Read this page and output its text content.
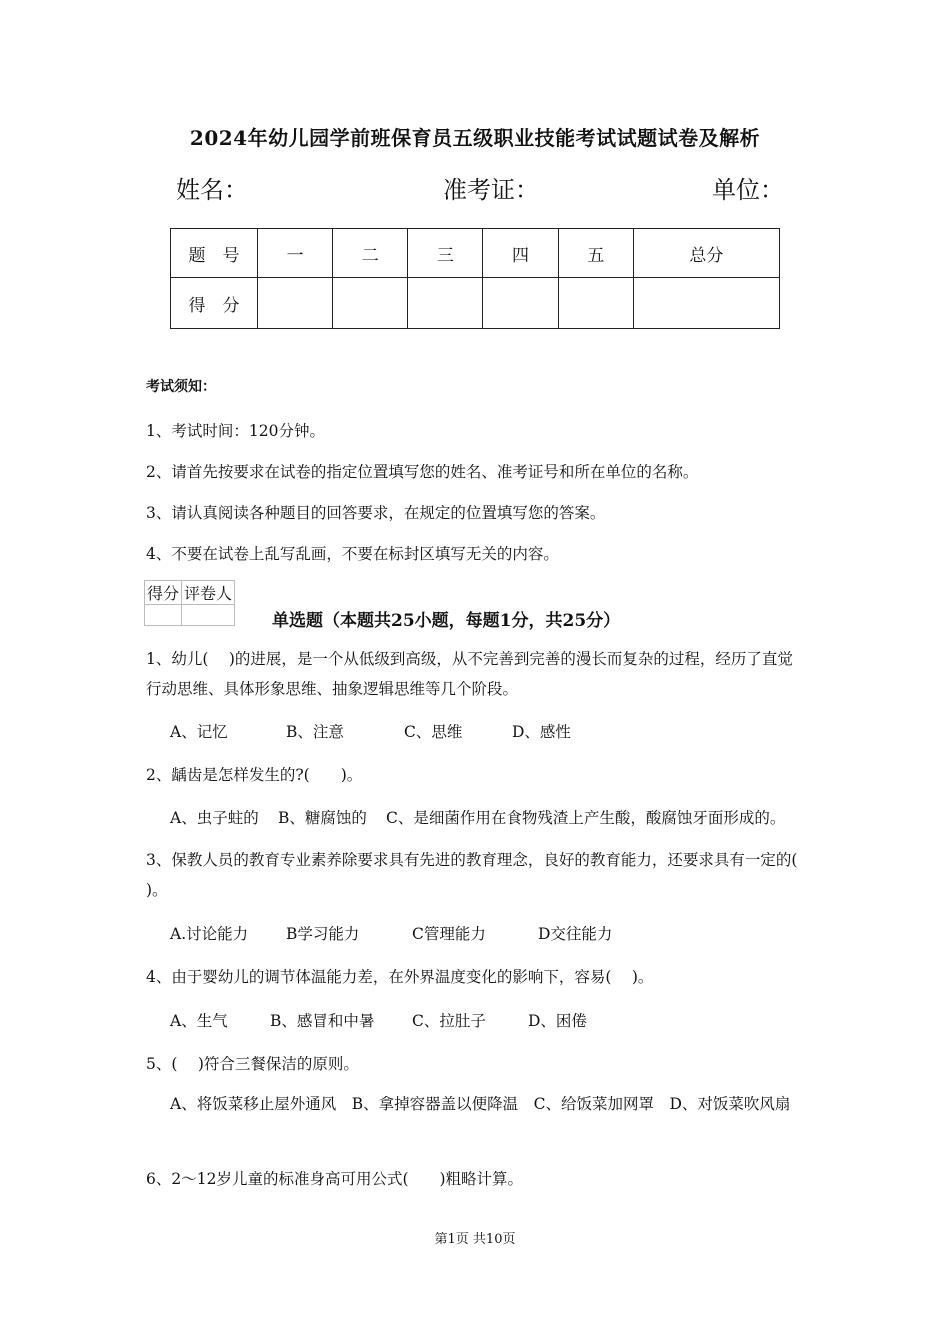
2024年幼儿园学前班保育员五级职业技能考试试题试卷及解析
姓名：	准考证：	单位：
题　号	一	二	三	四	五	总分
得　分						
考试须知：
1、考试时间：120分钟。
2、请首先按要求在试卷的指定位置填写您的姓名、准考证号和所在单位的名称。
3、请认真阅读各种题目的回答要求，在规定的位置填写您的答案。
4、不要在试卷上乱写乱画，不要在标封区填写无关的内容。
得分	评卷人

单选题（本题共25小题，每题1分，共25分）
1、幼儿(　 )的进展，是一个从低级到高级，从不完善到完善的漫长而复杂的过程，经历了直觉行动思维、具体形象思维、抽象逻辑思维等几个阶段。
A、记忆	B、注意	C、思维	D、感性
2、龋齿是怎样发生的?(　　)。
A、虫子蛀的 B、糖腐蚀的 C、是细菌作用在食物残渣上产生酸，酸腐蚀牙面形成的。
3、保教人员的教育专业素养除要求具有先进的教育理念，良好的教育能力，还要求具有一定的(　 )。
A.讨论能力 B学习能力	C管理能力	D交往能力
4、由于婴幼儿的调节体温能力差，在外界温度变化的影响下，容易(　 )。
A、生气	B、感冒和中暑 C、拉肚子	D、困倦
5、(　 )符合三餐保洁的原则。
A、将饭菜移止屋外通风　B、拿掉容器盖以便降温　C、给饭菜加网罩　D、对饭菜吹风扇
6、2～12岁儿童的标准身高可用公式(　　)粗略计算。
第1页 共10页
